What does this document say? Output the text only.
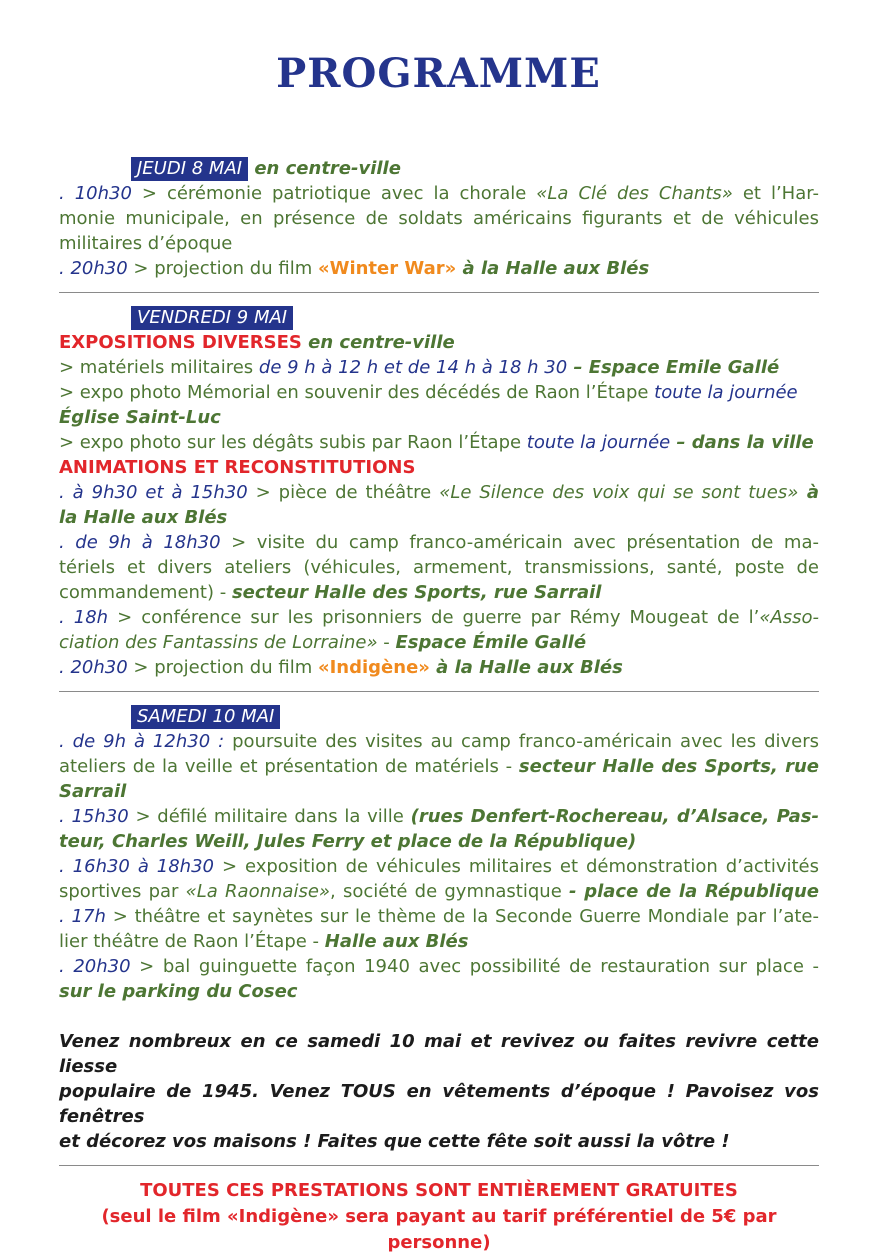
PROGRAMME
JEUDI 8 MAI en centre-ville
. 10h30 > cérémonie patriotique avec la chorale «La Clé des Chants» et l’Har-
monie municipale, en présence de soldats américains figurants et de véhicules
militaires d’époque
. 20h30 > projection du film «Winter War» à la Halle aux Blés
VENDREDI 9 MAI
EXPOSITIONS DIVERSES en centre-ville
> matériels militaires de 9 h à 12 h et de 14 h à 18 h 30 – Espace Emile Gallé
> expo photo Mémorial en souvenir des décédés de Raon l’Étape toute la journée
Église Saint-Luc
> expo photo sur les dégâts subis par Raon l’Étape toute la journée – dans la ville
ANIMATIONS ET RECONSTITUTIONS
. à 9h30 et à 15h30 > pièce de théâtre «Le Silence des voix qui se sont tues» à
la Halle aux Blés
. de 9h à 18h30 > visite du camp franco-américain avec présentation de ma-
tériels et divers ateliers (véhicules, armement, transmissions, santé, poste de
commandement) - secteur Halle des Sports, rue Sarrail
. 18h > conférence sur les prisonniers de guerre par Rémy Mougeat de l’«Asso-
ciation des Fantassins de Lorraine» - Espace Émile Gallé
. 20h30 > projection du film «Indigène» à la Halle aux Blés
SAMEDI 10 MAI
. de 9h à 12h30 : poursuite des visites au camp franco-américain avec les divers
ateliers de la veille et présentation de matériels - secteur Halle des Sports, rue
Sarrail
. 15h30 > défilé militaire dans la ville (rues Denfert-Rochereau, d’Alsace, Pas-
teur, Charles Weill, Jules Ferry et place de la République)
. 16h30 à 18h30 > exposition de véhicules militaires et démonstration d’activités
sportives par «La Raonnaise», société de gymnastique - place de la République
. 17h > théâtre et saynètes sur le thème de la Seconde Guerre Mondiale par l’ate-
lier théâtre de Raon l’Étape - Halle aux Blés
. 20h30 > bal guinguette façon 1940 avec possibilité de restauration sur place -
sur le parking du Cosec
Venez nombreux en ce samedi 10 mai et revivez ou faites revivre cette liesse
populaire de 1945. Venez TOUS en vêtements d’époque ! Pavoisez vos fenêtres
et décorez vos maisons ! Faites que cette fête soit aussi la vôtre !
TOUTES CES PRESTATIONS SONT ENTIÈREMENT GRATUITES
(seul le film «Indigène» sera payant au tarif préférentiel de 5€ par personne)
